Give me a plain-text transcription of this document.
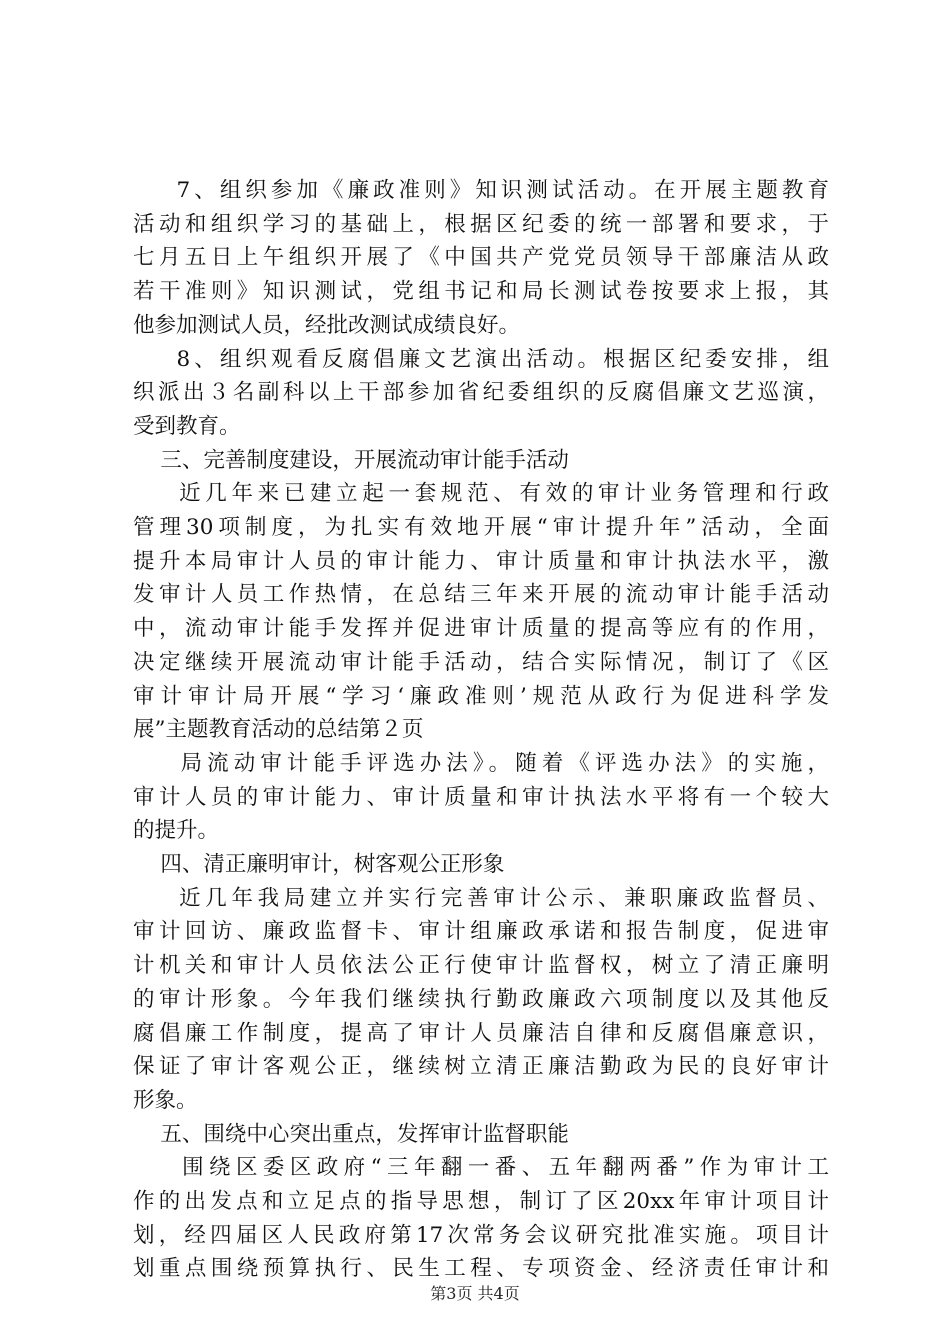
7、组织参加《廉政准则》知识测试活动。在开展主题教育
活动和组织学习的基础上，根据区纪委的统一部署和要求，于
七月五日上午组织开展了《中国共产党党员领导干部廉洁从政
若干准则》知识测试，党组书记和局长测试卷按要求上报，其
他参加测试人员，经批改测试成绩良好。
8、组织观看反腐倡廉文艺演出活动。根据区纪委安排，组
织派出３名副科以上干部参加省纪委组织的反腐倡廉文艺巡演，
受到教育。
三、完善制度建设，开展流动审计能手活动
近几年来已建立起一套规范、有效的审计业务管理和行政
管理30项制度，为扎实有效地开展“审计提升年”活动，全面
提升本局审计人员的审计能力、审计质量和审计执法水平，激
发审计人员工作热情，在总结三年来开展的流动审计能手活动
中，流动审计能手发挥并促进审计质量的提高等应有的作用，
决定继续开展流动审计能手活动，结合实际情况，制订了《区
审计审计局开展“学习‘廉政准则’规范从政行为促进科学发
展”主题教育活动的总结第２页
局流动审计能手评选办法》。随着《评选办法》的实施，
审计人员的审计能力、审计质量和审计执法水平将有一个较大
的提升。
四、清正廉明审计，树客观公正形象
近几年我局建立并实行完善审计公示、兼职廉政监督员、
审计回访、廉政监督卡、审计组廉政承诺和报告制度，促进审
计机关和审计人员依法公正行使审计监督权，树立了清正廉明
的审计形象。今年我们继续执行勤政廉政六项制度以及其他反
腐倡廉工作制度，提高了审计人员廉洁自律和反腐倡廉意识，
保证了审计客观公正，继续树立清正廉洁勤政为民的良好审计
形象。
五、围绕中心突出重点，发挥审计监督职能
围绕区委区政府“三年翻一番、五年翻两番”作为审计工
作的出发点和立足点的指导思想，制订了区20xx年审计项目计
划，经四届区人民政府第17次常务会议研究批准实施。项目计
划重点围绕预算执行、民生工程、专项资金、经济责任审计和
第3页 共4页
